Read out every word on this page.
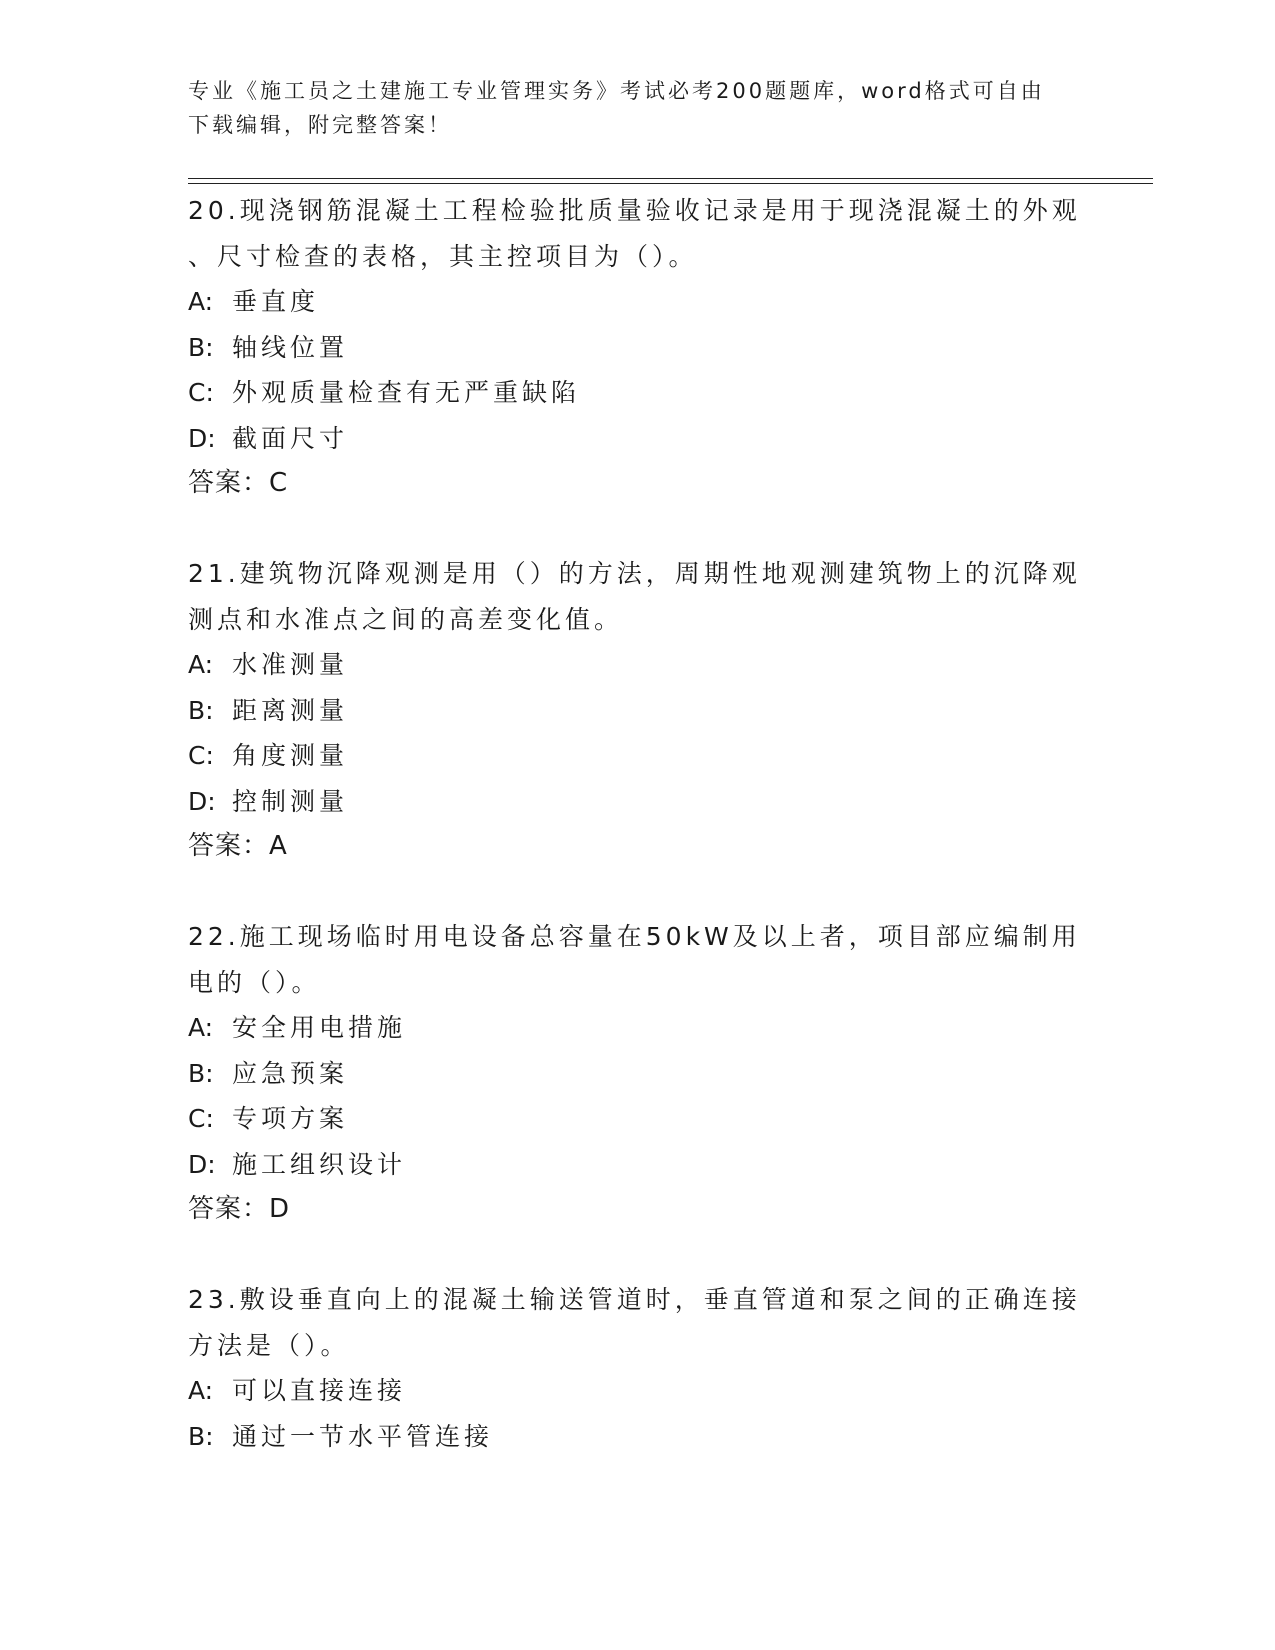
专业《施工员之土建施工专业管理实务》考试必考200题题库，word格式可自由
下载编辑，附完整答案！

20.现浇钢筋混凝土工程检验批质量验收记录是用于现浇混凝土的外观

、尺寸检查的表格，其主控项目为（）。

A: 垂直度

B: 轴线位置

C: 外观质量检查有无严重缺陷

D: 截面尺寸

答案：C

21.建筑物沉降观测是用（）的方法，周期性地观测建筑物上的沉降观

测点和水准点之间的高差变化值。

A: 水准测量

B: 距离测量

C: 角度测量

D: 控制测量

答案：A

22.施工现场临时用电设备总容量在50kW及以上者，项目部应编制用

电的（）。

A: 安全用电措施

B: 应急预案

C: 专项方案

D: 施工组织设计

答案：D

23.敷设垂直向上的混凝土输送管道时，垂直管道和泵之间的正确连接

方法是（）。

A: 可以直接连接

B: 通过一节水平管连接
